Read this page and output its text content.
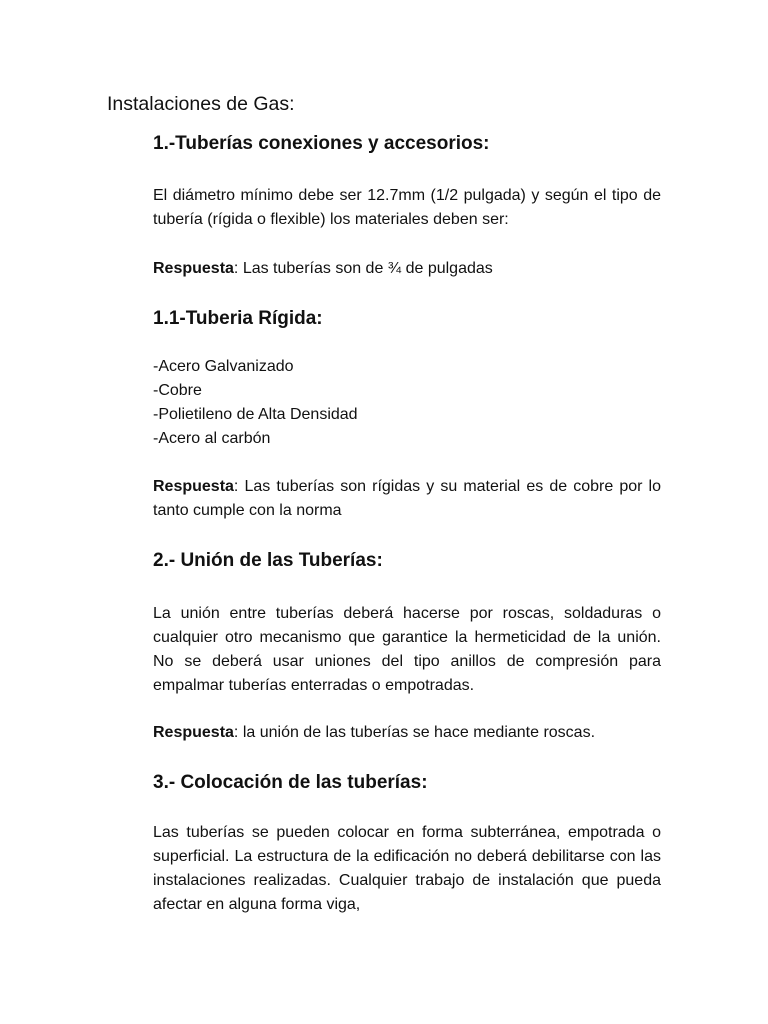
Instalaciones de Gas:
1.-Tuberías conexiones y accesorios:

El diámetro mínimo debe ser 12.7mm (1/2 pulgada) y según el tipo de tubería (rígida o flexible) los materiales deben ser:

Respuesta: Las tuberías son de ¾ de pulgadas

1.1-Tuberia Rígida:
-Acero Galvanizado
-Cobre
-Polietileno de Alta Densidad
-Acero al carbón

Respuesta: Las tuberías son rígidas y su material es de cobre por lo tanto cumple con la norma

2.- Unión de las Tuberías:

La unión entre tuberías deberá hacerse por roscas, soldaduras o cualquier otro mecanismo que garantice la hermeticidad de la unión. No se deberá usar uniones del tipo anillos de compresión para empalmar tuberías enterradas o empotradas.

Respuesta: la unión de las tuberías se hace mediante roscas.

3.- Colocación de las tuberías:

Las tuberías se pueden colocar en forma subterránea, empotrada o superficial. La estructura de la edificación no deberá debilitarse con las instalaciones realizadas. Cualquier trabajo de instalación que pueda afectar en alguna forma viga,
